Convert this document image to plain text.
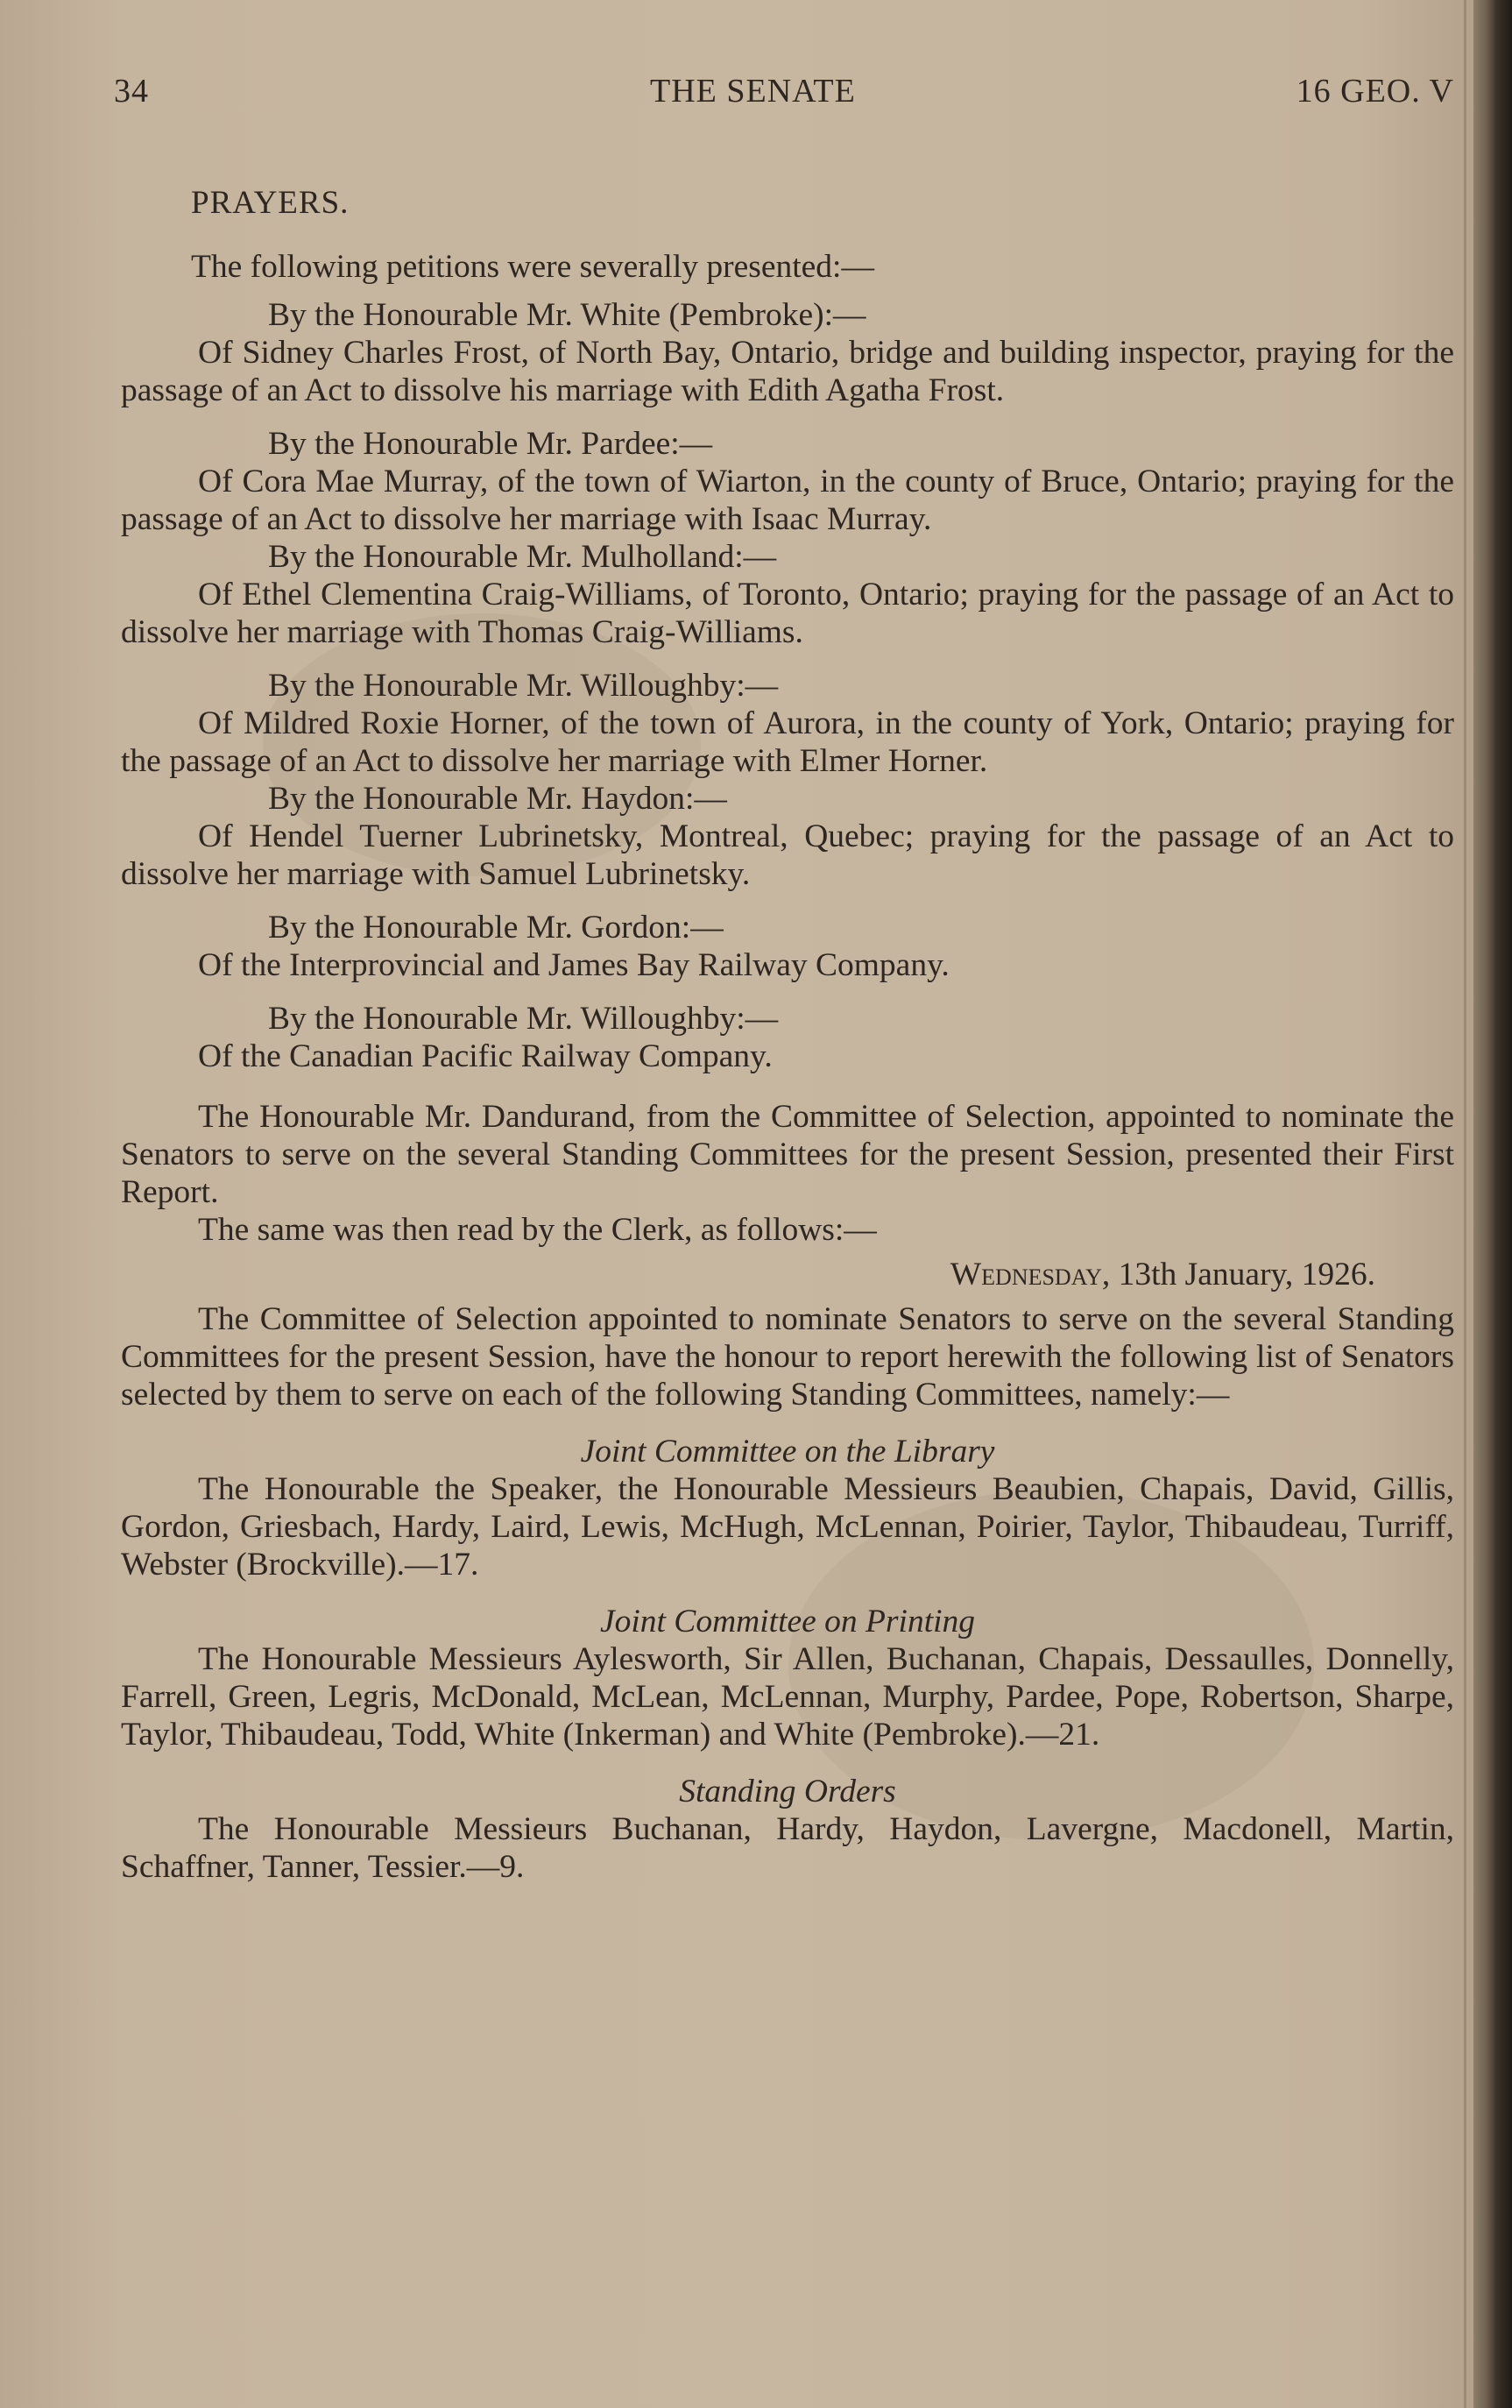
34	THE SENATE	16 GEO. V

PRAYERS.

The following petitions were severally presented:—

By the Honourable Mr. White (Pembroke):—

Of Sidney Charles Frost, of North Bay, Ontario, bridge and building inspector, praying for the passage of an Act to dissolve his marriage with Edith Agatha Frost.

By the Honourable Mr. Pardee:—

Of Cora Mae Murray, of the town of Wiarton, in the county of Bruce, Ontario; praying for the passage of an Act to dissolve her marriage with Isaac Murray.

By the Honourable Mr. Mulholland:—

Of Ethel Clementina Craig-Williams, of Toronto, Ontario; praying for the passage of an Act to dissolve her marriage with Thomas Craig-Williams.

By the Honourable Mr. Willoughby:—

Of Mildred Roxie Horner, of the town of Aurora, in the county of York, Ontario; praying for the passage of an Act to dissolve her marriage with Elmer Horner.

By the Honourable Mr. Haydon:—

Of Hendel Tuerner Lubrinetsky, Montreal, Quebec; praying for the passage of an Act to dissolve her marriage with Samuel Lubrinetsky.

By the Honourable Mr. Gordon:—

Of the Interprovincial and James Bay Railway Company.

By the Honourable Mr. Willoughby:—

Of the Canadian Pacific Railway Company.

The Honourable Mr. Dandurand, from the Committee of Selection, appointed to nominate the Senators to serve on the several Standing Committees for the present Session, presented their First Report.

The same was then read by the Clerk, as follows:—

Wednesday, 13th January, 1926.

The Committee of Selection appointed to nominate Senators to serve on the several Standing Committees for the present Session, have the honour to report herewith the following list of Senators selected by them to serve on each of the following Standing Committees, namely:—

Joint Committee on the Library

The Honourable the Speaker, the Honourable Messieurs Beaubien, Chapais, David, Gillis, Gordon, Griesbach, Hardy, Laird, Lewis, McHugh, McLennan, Poirier, Taylor, Thibaudeau, Turriff, Webster (Brockville).—17.

Joint Committee on Printing

The Honourable Messieurs Aylesworth, Sir Allen, Buchanan, Chapais, Dessaulles, Donnelly, Farrell, Green, Legris, McDonald, McLean, McLennan, Murphy, Pardee, Pope, Robertson, Sharpe, Taylor, Thibaudeau, Todd, White (Inkerman) and White (Pembroke).—21.

Standing Orders

The Honourable Messieurs Buchanan, Hardy, Haydon, Lavergne, Macdonell, Martin, Schaffner, Tanner, Tessier.—9.
